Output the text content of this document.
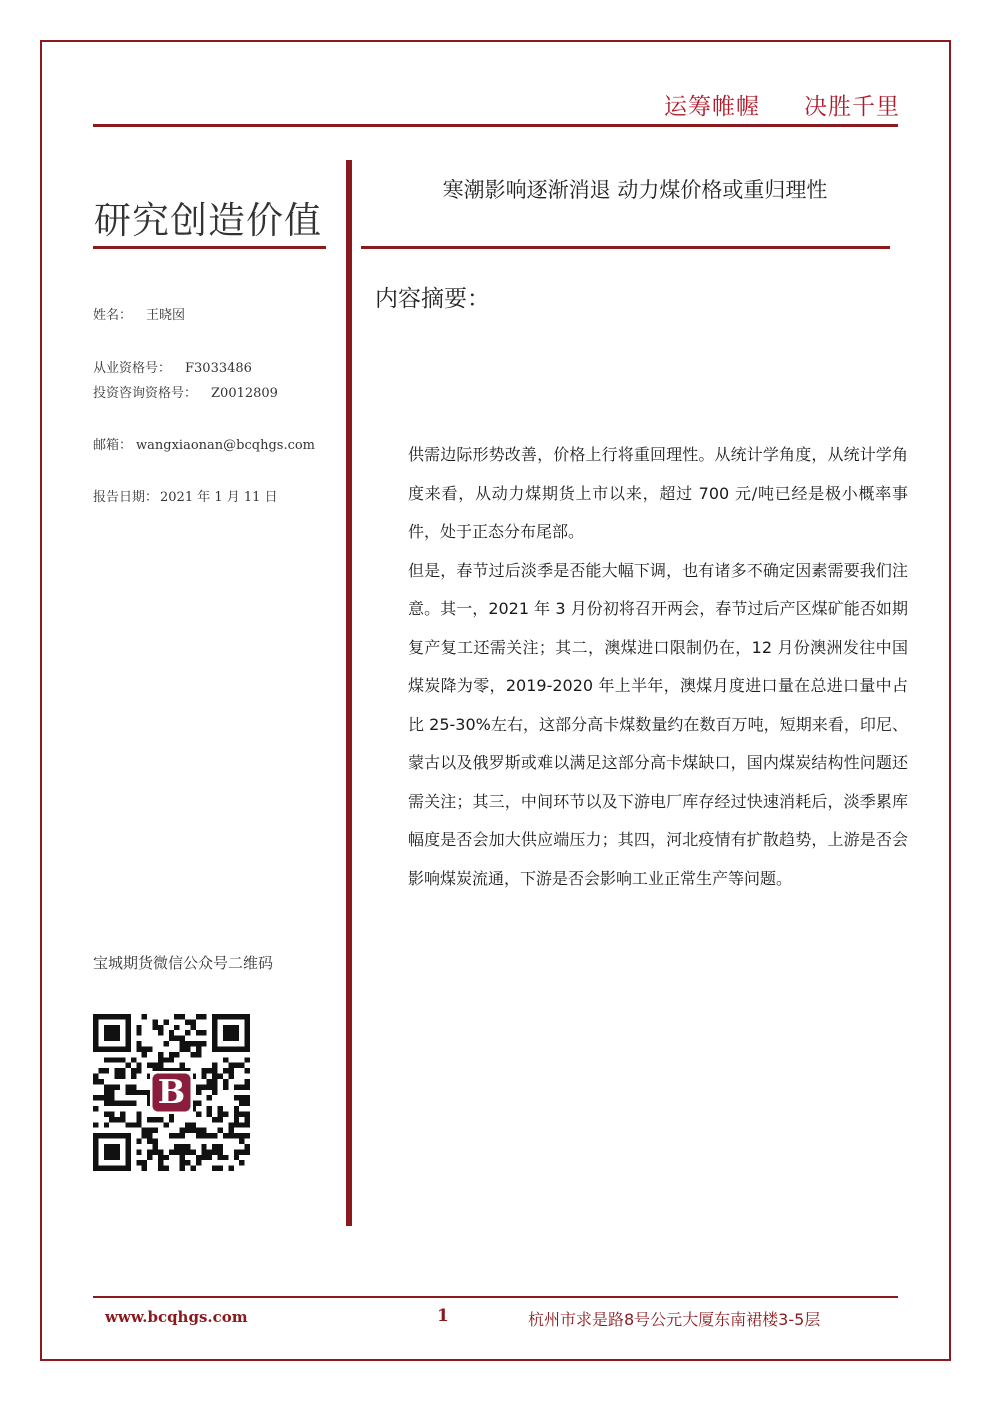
运筹帷幄 决胜千里
研究创造价值
寒潮影响逐渐消退 动力煤价格或重归理性
内容摘要：
姓名： 王晓囡
从业资格号： F3033486
投资咨询资格号： Z0012809
邮箱： wangxiaonan@bcqhgs.com
报告日期： 2021 年 1 月 11 日

供需边际形势改善，价格上行将重回理性。从统计学角度，从统计学角度来看，从动力煤期货上市以来，超过 700 元/吨已经是极小概率事件，处于正态分布尾部。

但是，春节过后淡季是否能大幅下调，也有诸多不确定因素需要我们注意。其一，2021 年 3 月份初将召开两会，春节过后产区煤矿能否如期复产复工还需关注；其二，澳煤进口限制仍在，12 月份澳洲发往中国煤炭降为零，2019-2020 年上半年，澳煤月度进口量在总进口量中占比 25-30%左右，这部分高卡煤数量约在数百万吨，短期来看，印尼、蒙古以及俄罗斯或难以满足这部分高卡煤缺口，国内煤炭结构性问题还需关注；其三，中间环节以及下游电厂库存经过快速消耗后，淡季累库幅度是否会加大供应端压力；其四，河北疫情有扩散趋势，上游是否会影响煤炭流通，下游是否会影响工业正常生产等问题。

宝城期货微信公众号二维码
B
www.bcqhgs.com	1	杭州市求是路8号公元大厦东南裙楼3-5层
